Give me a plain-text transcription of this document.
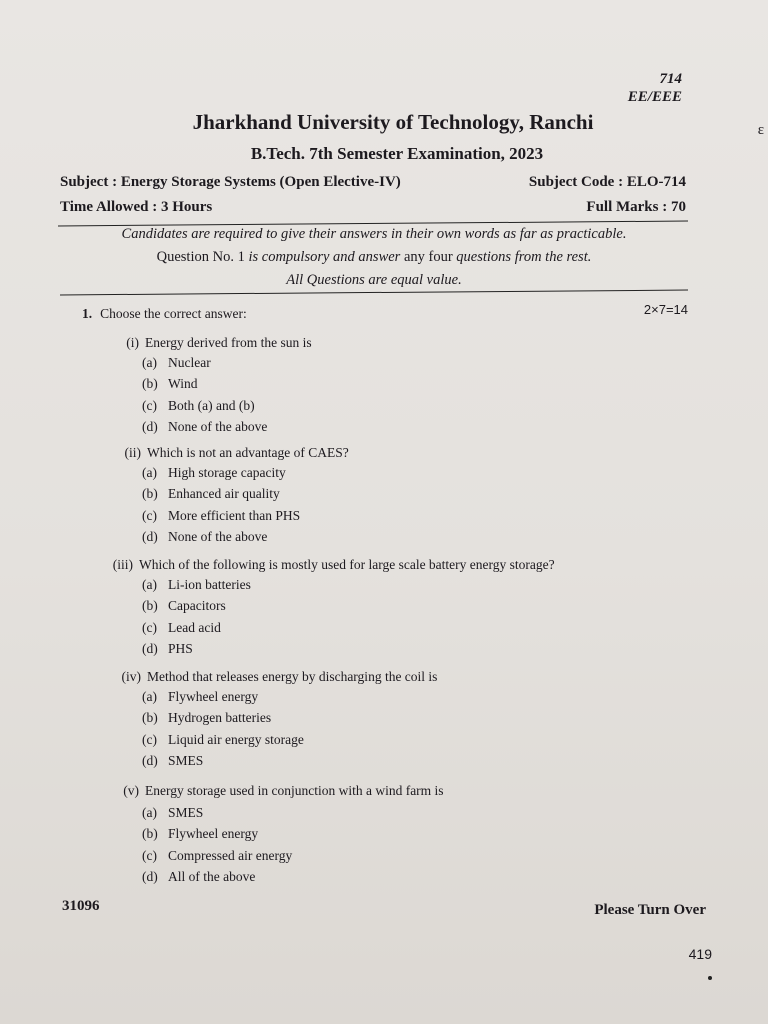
ε
714
EE/EEE
Jharkhand University of Technology, Ranchi
B.Tech. 7th Semester Examination, 2023
Subject : Energy Storage Systems (Open Elective-IV)	Subject Code : ELO-714
Time Allowed : 3 Hours	Full Marks : 70
Candidates are required to give their answers in their own words as far as practicable.
Question No. 1 is compulsory and answer any four questions from the rest.
All Questions are equal value.
1. Choose the correct answer:	2×7=14
(i) Energy derived from the sun is
(a) Nuclear
(b) Wind
(c) Both (a) and (b)
(d) None of the above
(ii) Which is not an advantage of CAES?
(a) High storage capacity
(b) Enhanced air quality
(c) More efficient than PHS
(d) None of the above
(iii) Which of the following is mostly used for large scale battery energy storage?
(a) Li-ion batteries
(b) Capacitors
(c) Lead acid
(d) PHS
(iv) Method that releases energy by discharging the coil is
(a) Flywheel energy
(b) Hydrogen batteries
(c) Liquid air energy storage
(d) SMES
(v) Energy storage used in conjunction with a wind farm is
(a) SMES
(b) Flywheel energy
(c) Compressed air energy
(d) All of the above
31096	Please Turn Over
419
